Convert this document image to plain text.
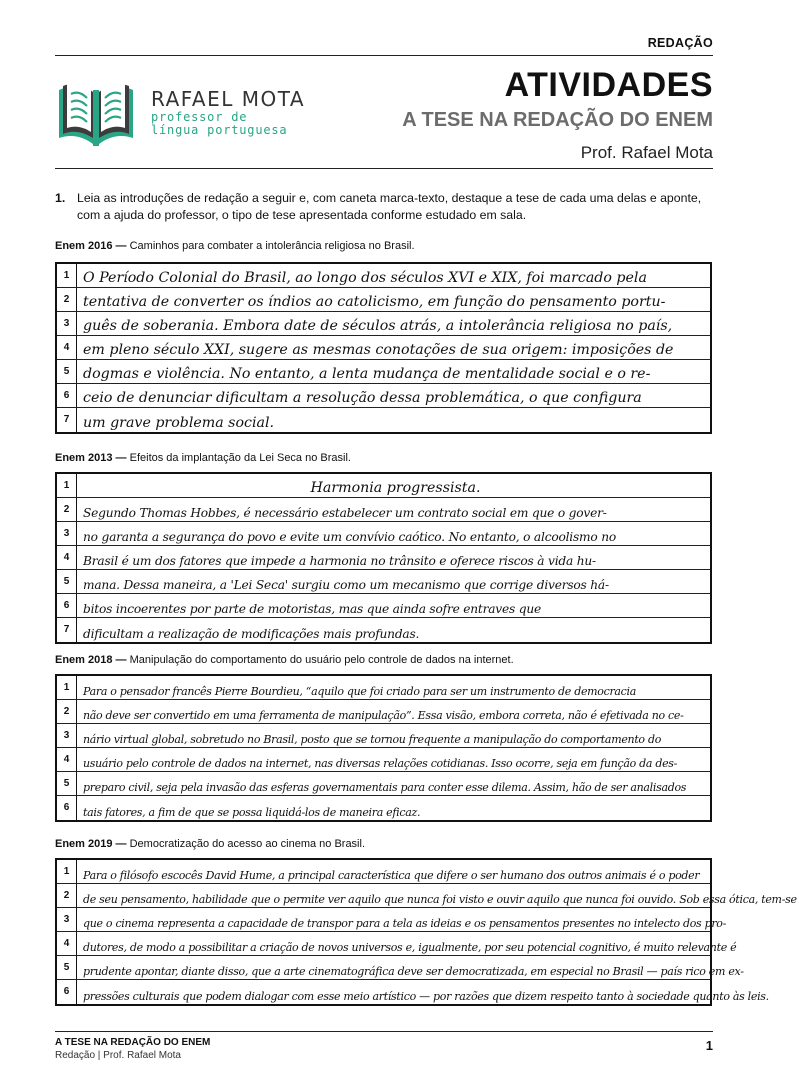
REDAÇÃO
RAFAEL MOTA
professor de
língua portuguesa
ATIVIDADES
A TESE NA REDAÇÃO DO ENEM
Prof. Rafael Mota
1. Leia as introduções de redação a seguir e, com caneta marca-texto, destaque a tese de cada uma delas e aponte, com a ajuda do professor, o tipo de tese apresentada conforme estudado em sala.
Enem 2016 — Caminhos para combater a intolerância religiosa no Brasil.
1 O Período Colonial do Brasil, ao longo dos séculos XVI e XIX, foi marcado pela
2 tentativa de converter os índios ao catolicismo, em função do pensamento portu-
3 guês de soberania. Embora date de séculos atrás, a intolerância religiosa no país,
4 em pleno século XXI, sugere as mesmas conotações de sua origem: imposições de
5 dogmas e violência. No entanto, a lenta mudança de mentalidade social e o re-
6 ceio de denunciar dificultam a resolução dessa problemática, o que configura
7 um grave problema social.
Enem 2013 — Efeitos da implantação da Lei Seca no Brasil.
1	Harmonia progressista.
2	Segundo Thomas Hobbes, é necessário estabelecer um contrato social em que o gover-
3	no garanta a segurança do povo e evite um convívio caótico. No entanto, o alcoolismo no
4	Brasil é um dos fatores que impede a harmonia no trânsito e oferece riscos à vida hu-
5	mana. Dessa maneira, a 'Lei Seca' surgiu como um mecanismo que corrige diversos há-
6	bitos incoerentes por parte de motoristas, mas que ainda sofre entraves que
7	dificultam a realização de modificações mais profundas.
Enem 2018 — Manipulação do comportamento do usuário pelo controle de dados na internet.
1	Para o pensador francês Pierre Bourdieu, “aquilo que foi criado para ser um instrumento de democracia
2	não deve ser convertido em uma ferramenta de manipulação”. Essa visão, embora correta, não é efetivada no ce-
3	nário virtual global, sobretudo no Brasil, posto que se tornou frequente a manipulação do comportamento do
4	usuário pelo controle de dados na internet, nas diversas relações cotidianas. Isso ocorre, seja em função da des-
5	preparo civil, seja pela invasão das esferas governamentais para conter esse dilema. Assim, hão de ser analisados
6	tais fatores, a fim de que se possa liquidá-los de maneira eficaz.
Enem 2019 — Democratização do acesso ao cinema no Brasil.
1	Para o filósofo escocês David Hume, a principal característica que difere o ser humano dos outros animais é o poder
2	de seu pensamento, habilidade que o permite ver aquilo que nunca foi visto e ouvir aquilo que nunca foi ouvido. Sob essa ótica, tem-se
3	que o cinema representa a capacidade de transpor para a tela as ideias e os pensamentos presentes no intelecto dos pro-
4	dutores, de modo a possibilitar a criação de novos universos e, igualmente, por seu potencial cognitivo, é muito relevante é
5	prudente apontar, diante disso, que a arte cinematográfica deve ser democratizada, em especial no Brasil — país rico em ex-
6	pressões culturais que podem dialogar com esse meio artístico — por razões que dizem respeito tanto à sociedade quanto às leis.
A TESE NA REDAÇÃO DO ENEM
Redação | Prof. Rafael Mota
1
